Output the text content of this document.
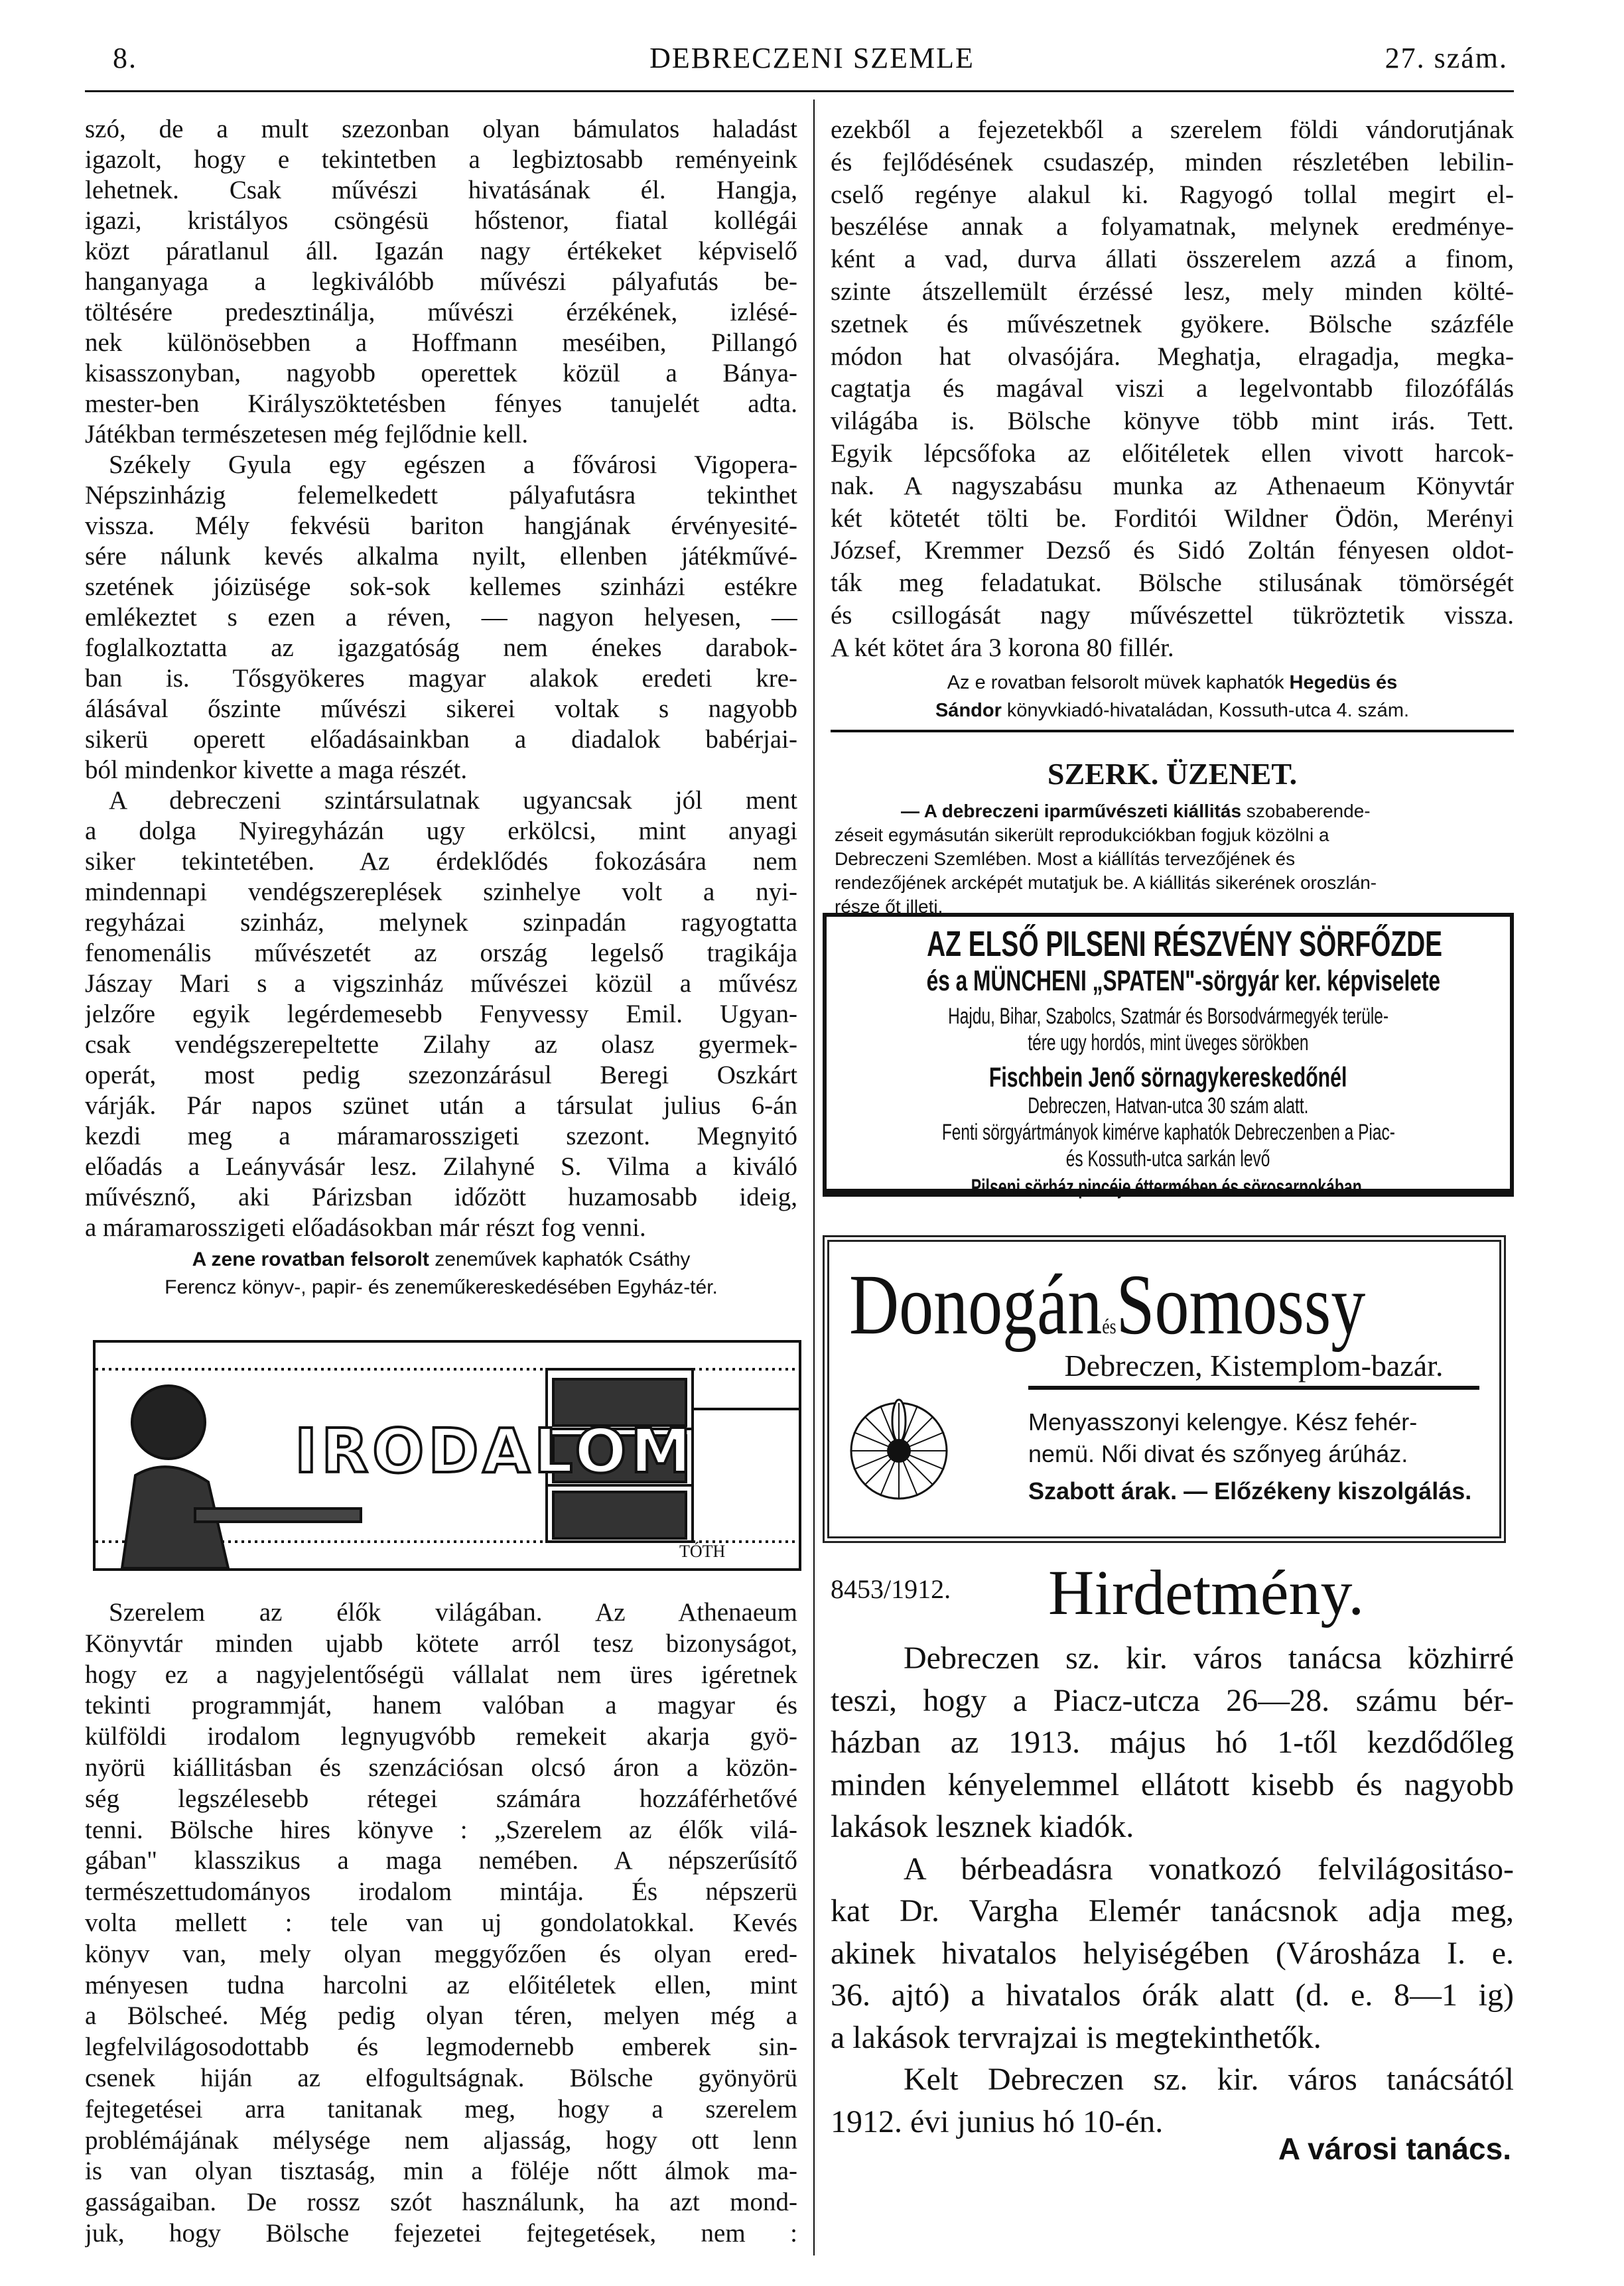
8.	DEBRECZENI SZEMLE	27. szám.
szó, de a mult szezonban olyan bámulatos haladást
igazolt, hogy e tekintetben a legbiztosabb reményeink
lehetnek. Csak művészi hivatásának él. Hangja,
igazi, kristályos csöngésü hőstenor, fiatal kollégái
közt páratlanul áll. Igazán nagy értékeket képviselő
hanganyaga a legkiválóbb művészi pályafutás be-
töltésére predesztinálja, művészi érzékének, izlésé-
nek különösebben a Hoffmann meséiben, Pillangó
kisasszonyban, nagyobb operettek közül a Bánya-
mester-ben Királyszöktetésben fényes tanujelét adta.
Játékban természetesen még fejlődnie kell.
Székely Gyula egy egészen a fővárosi Vigopera-
Népszinházig felemelkedett pályafutásra tekinthet
vissza. Mély fekvésü bariton hangjának érvényesité-
sére nálunk kevés alkalma nyilt, ellenben játékművé-
szetének jóizüsége sok-sok kellemes szinházi estékre
emlékeztet s ezen a réven, — nagyon helyesen, —
foglalkoztatta az igazgatóság nem énekes darabok-
ban is. Tősgyökeres magyar alakok eredeti kre-
álásával őszinte művészi sikerei voltak s nagyobb
sikerü operett előadásainkban a diadalok babérjai-
ból mindenkor kivette a maga részét.
A debreczeni szintársulatnak ugyancsak jól ment
a dolga Nyiregyházán ugy erkölcsi, mint anyagi
siker tekintetében. Az érdeklődés fokozására nem
mindennapi vendégszereplések szinhelye volt a nyi-
regyházai szinház, melynek szinpadán ragyogtatta
fenomenális művészetét az ország legelső tragikája
Jászay Mari s a vigszinház művészei közül a művész
jelzőre egyik legérdemesebb Fenyvessy Emil. Ugyan-
csak vendégszerepeltette Zilahy az olasz gyermek-
operát, most pedig szezonzárásul Beregi Oszkárt
várják. Pár napos szünet után a társulat julius 6-án
kezdi meg a máramarosszigeti szezont. Megnyitó
előadás a Leányvásár lesz. Zilahyné S. Vilma a kiváló
művésznő, aki Párizsban időzött huzamosabb ideig,
a máramarosszigeti előadásokban már részt fog venni.
A zene rovatban felsorolt zeneművek kaphatók Csáthy
Ferencz könyv-, papir- és zeneműkereskedésében Egyház-tér.
IRODALOM
TÓTH
Szerelem az élők világában. Az Athenaeum
Könyvtár minden ujabb kötete arról tesz bizonyságot,
hogy ez a nagyjelentőségü vállalat nem üres igéretnek
tekinti programmját, hanem valóban a magyar és
külföldi irodalom legnyugvóbb remekeit akarja gyö-
nyörü kiállitásban és szenzációsan olcsó áron a közön-
ség legszélesebb rétegei számára hozzáférhetővé
tenni. Bölsche hires könyve : „Szerelem az élők vilá-
gában" klasszikus a maga nemében. A népszerűsítő
természettudományos irodalom mintája. És népszerü
volta mellett : tele van uj gondolatokkal. Kevés
könyv van, mely olyan meggyőzően és olyan ered-
ményesen tudna harcolni az előitéletek ellen, mint
a Bölscheé. Még pedig olyan téren, melyen még a
legfelvilágosodottabb és legmodernebb emberek sin-
csenek hiján az elfogultságnak. Bölsche gyönyörü
fejtegetései arra tanitanak meg, hogy a szerelem
problémájának mélysége nem aljasság, hogy ott lenn
is van olyan tisztaság, min a föléje nőtt álmok ma-
gasságaiban. De rossz szót használunk, ha azt mond-
juk, hogy Bölsche fejezetei fejtegetések, nem :
ezekből a fejezetekből a szerelem földi vándorutjának
és fejlődésének csudaszép, minden részletében lebilin-
cselő regénye alakul ki. Ragyogó tollal megirt el-
beszélése annak a folyamatnak, melynek eredménye-
ként a vad, durva állati összerelem azzá a finom,
szinte átszellemült érzéssé lesz, mely minden költé-
szetnek és művészetnek gyökere. Bölsche százféle
módon hat olvasójára. Meghatja, elragadja, megka-
cagtatja és magával viszi a legelvontabb filozófálás
világába is. Bölsche könyve több mint irás. Tett.
Egyik lépcsőfoka az előitéletek ellen vivott harcok-
nak. A nagyszabásu munka az Athenaeum Könyvtár
két kötetét tölti be. Forditói Wildner Ödön, Merényi
József, Kremmer Dezső és Sidó Zoltán fényesen oldot-
ták meg feladatukat. Bölsche stilusának tömörségét
és csillogását nagy művészettel tükröztetik vissza.
A két kötet ára 3 korona 80 fillér.
Az e rovatban felsorolt müvek kaphatók Hegedüs és
Sándor könyvkiadó-hivataládan, Kossuth-utca 4. szám.
SZERK. ÜZENET.
— A debreczeni iparművészeti kiállitás szobaberende-
zéseit egymásután sikerült reprodukciókban fogjuk közölni a
Debreczeni Szemlében. Most a kiállítás tervezőjének és
rendezőjének arcképét mutatjuk be. A kiállitás sikerének oroszlán-
része őt illeti.
AZ ELSŐ PILSENI RÉSZVÉNY SÖRFŐZDE
és a MÜNCHENI „SPATEN"-sörgyár ker. képviselete
Hajdu, Bihar, Szabolcs, Szatmár és Borsodvármegyék terüle-
tére ugy hordós, mint üveges sörökben
Fischbein Jenő sörnagykereskedőnél
Debreczen, Hatvan-utca 30 szám alatt.
Fenti sörgyártmányok kimérve kaphatók Debreczenben a Piac-
és Kossuth-utca sarkán levő
Pilseni sörház pincéje éttermében és sörosarnokában.
DonogánésSomossy
Debreczen, Kistemplom-bazár.
Menyasszonyi kelengye. Kész fehér-
nemü. Női divat és szőnyeg árúház.
Szabott árak. — Előzékeny kiszolgálás.
8453/1912. Hirdetmény.
Debreczen sz. kir. város tanácsa közhirré
teszi, hogy a Piacz-utcza 26—28. számu bér-
házban az 1913. május hó 1-től kezdődőleg
minden kényelemmel ellátott kisebb és nagyobb
lakások lesznek kiadók.
A bérbeadásra vonatkozó felvilágositáso-
kat Dr. Vargha Elemér tanácsnok adja meg,
akinek hivatalos helyiségében (Városháza I. e.
36. ajtó) a hivatalos órák alatt (d. e. 8—1 ig)
a lakások tervrajzai is megtekinthetők.
Kelt Debreczen sz. kir. város tanácsától
1912. évi junius hó 10-én.
A városi tanács.
